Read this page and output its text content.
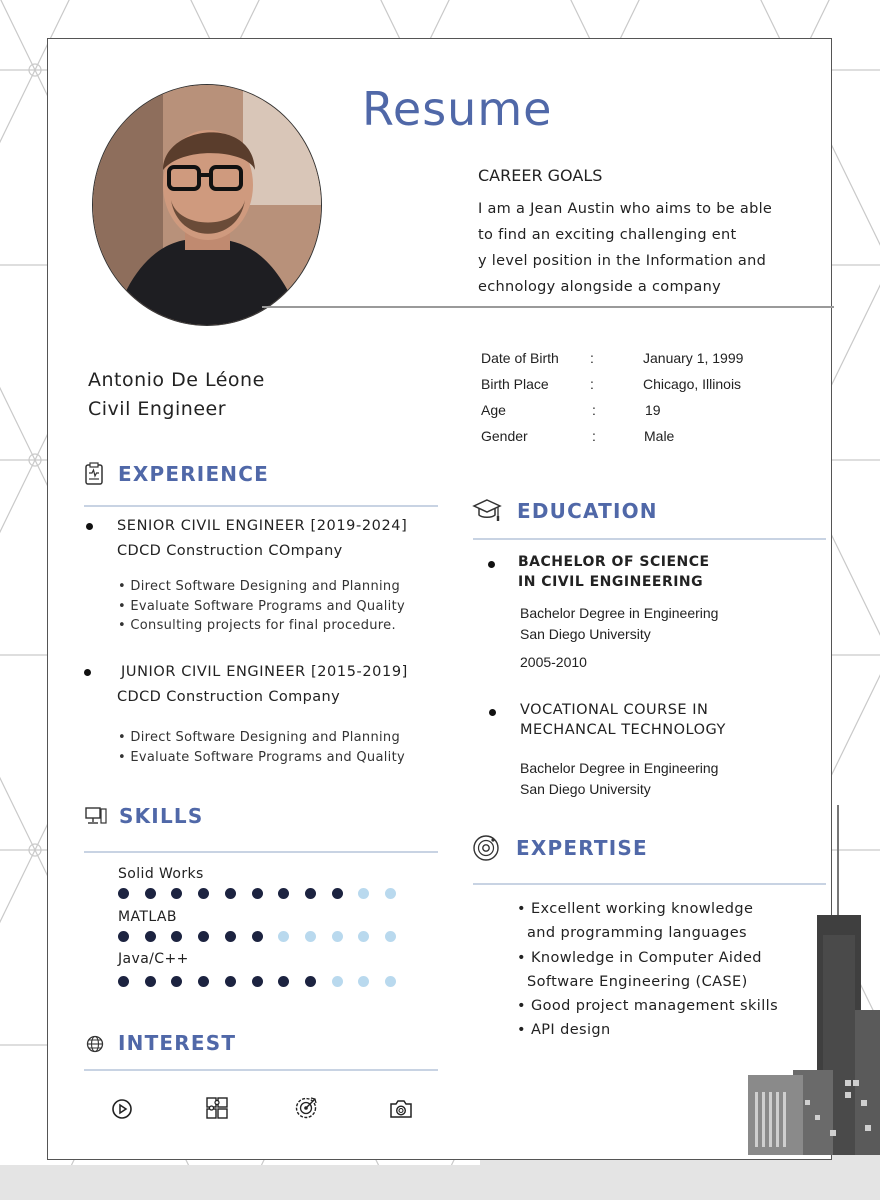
Resume
CAREER GOALS
I am a Jean Austin who aims to be able
to find an exciting challenging ent
y level position in the Information and
echnology alongside a company
Antonio De Léone
Civil Engineer
Date of Birth :	January 1, 1999
Birth Place	:	Chicago, Illinois
Age	:	19
Gender	:	Male
EXPERIENCE
SENIOR CIVIL ENGINEER [2019-2024]
CDCD Construction COmpany
• Direct Software Designing and Planning
• Evaluate Software Programs and Quality
• Consulting projects for final procedure.
JUNIOR CIVIL ENGINEER [2015-2019]
CDCD Construction Company
• Direct Software Designing and Planning
• Evaluate Software Programs and Quality
SKILLS
Solid Works
MATLAB
Java/C++
INTEREST
EDUCATION
BACHELOR OF SCIENCE
IN CIVIL ENGINEERING
Bachelor Degree in Engineering
San Diego University
2005-2010
VOCATIONAL COURSE IN
MECHANCAL TECHNOLOGY
Bachelor Degree in Engineering
San Diego University
EXPERTISE
• Excellent working knowledge
and programming languages
• Knowledge in Computer Aided
Software Engineering (CASE)
• Good project management skills
• API design
